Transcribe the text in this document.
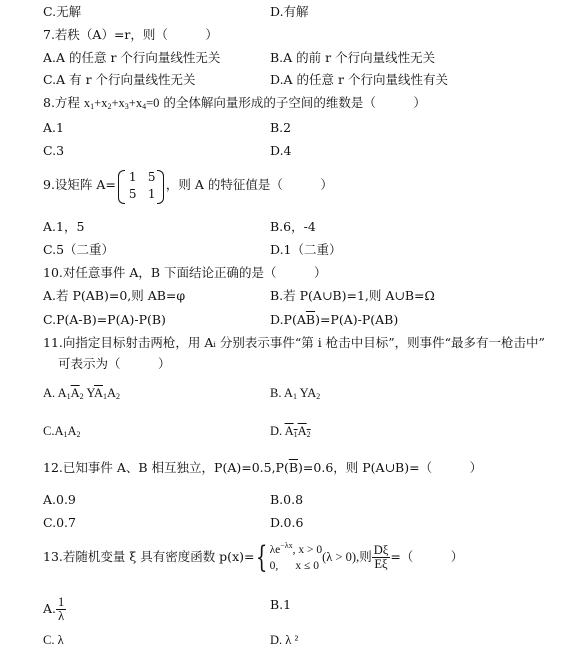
C.无解	D.有解
7.若秩（A）=r，则（　　　）
A.A 的任意 r 个行向量线性无关	B.A 的前 r 个行向量线性无关
C.A 有 r 个行向量线性无关	D.A 的任意 r 个行向量线性有关
8.方程 $x_1+x_2+x_3+x_4=0$ 的全体解向量形成的子空间的维数是（　　　）
A.1	B.2
C.3	D.4
9.设矩阵 A=
1 5
5 1
，则 A 的特征值是（　　　）
A.1，5	B.6，-4
C.5（二重）	D.1（二重）
10.对任意事件 A，B 下面结论正确的是（　　　）
A.若 P(AB)=0,则 AB=φ	B.若 P(A∪B)=1,则 A∪B=Ω
C.P(A-B)=P(A)-P(B)	$D.P(A\overline{B})=P(A)-P(AB)$
11.向指定目标射击两枪，用 Aᵢ 分别表示事件“第 i 枪击中目标”，则事件“最多有一枪击中”
可表示为（　　　）
A. $A_1\overline{A}_2$ $Y\overline{A}_1A_2$	B. $A_1$ $YA_2$
$C.A_1A_2$	D. $A_1A_2$
12.已知事件 A、B 相互独立，$P(A)=0.5,P(\overline{B})=0.6$，则 P(A∪B)=（　　　）
A.0.9	B.0.8
C.0.7	D.0.6
13.若随机变量 ξ 具有密度函数 p(x)={ $\lambda e^{-\lambda x}$, x > 0
0,　  x ≤ 0
(λ > 0),则 $\frac{D\xi}{E\xi}$ =（　　　）
A. $\frac{1}{\lambda}$	B.1
C. λ	D. λ ²
